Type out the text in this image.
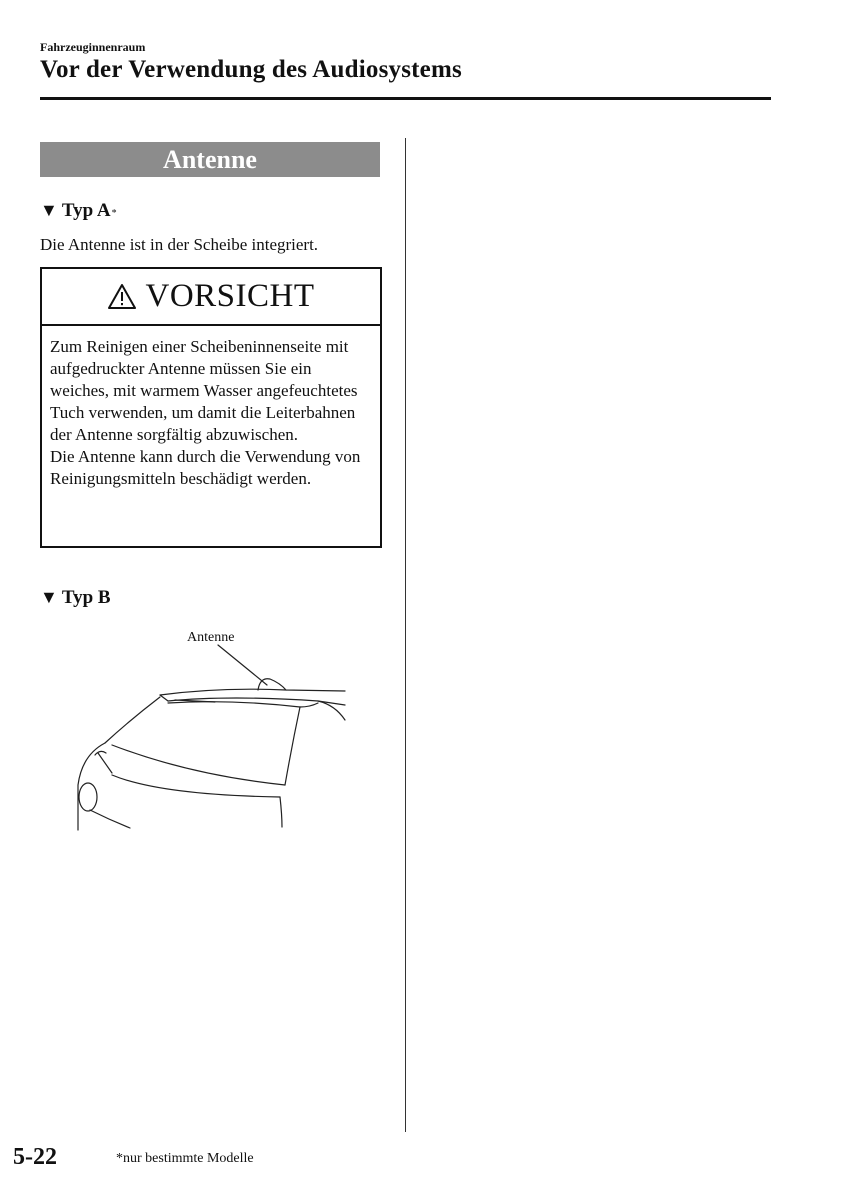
Fahrzeuginnenraum
Vor der Verwendung des Audiosystems
Antenne
▼ Typ A *
Die Antenne ist in der Scheibe integriert.
VORSICHT

Zum Reinigen einer Scheibeninnenseite mit aufgedruckter Antenne müssen Sie ein weiches, mit warmem Wasser angefeuchtetes Tuch verwenden, um damit die Leiterbahnen der Antenne sorgfältig abzuwischen.

Die Antenne kann durch die Verwendung von Reinigungsmitteln beschädigt werden.

▼ Typ B
Antenne
5-22	*nur bestimmte Modelle
